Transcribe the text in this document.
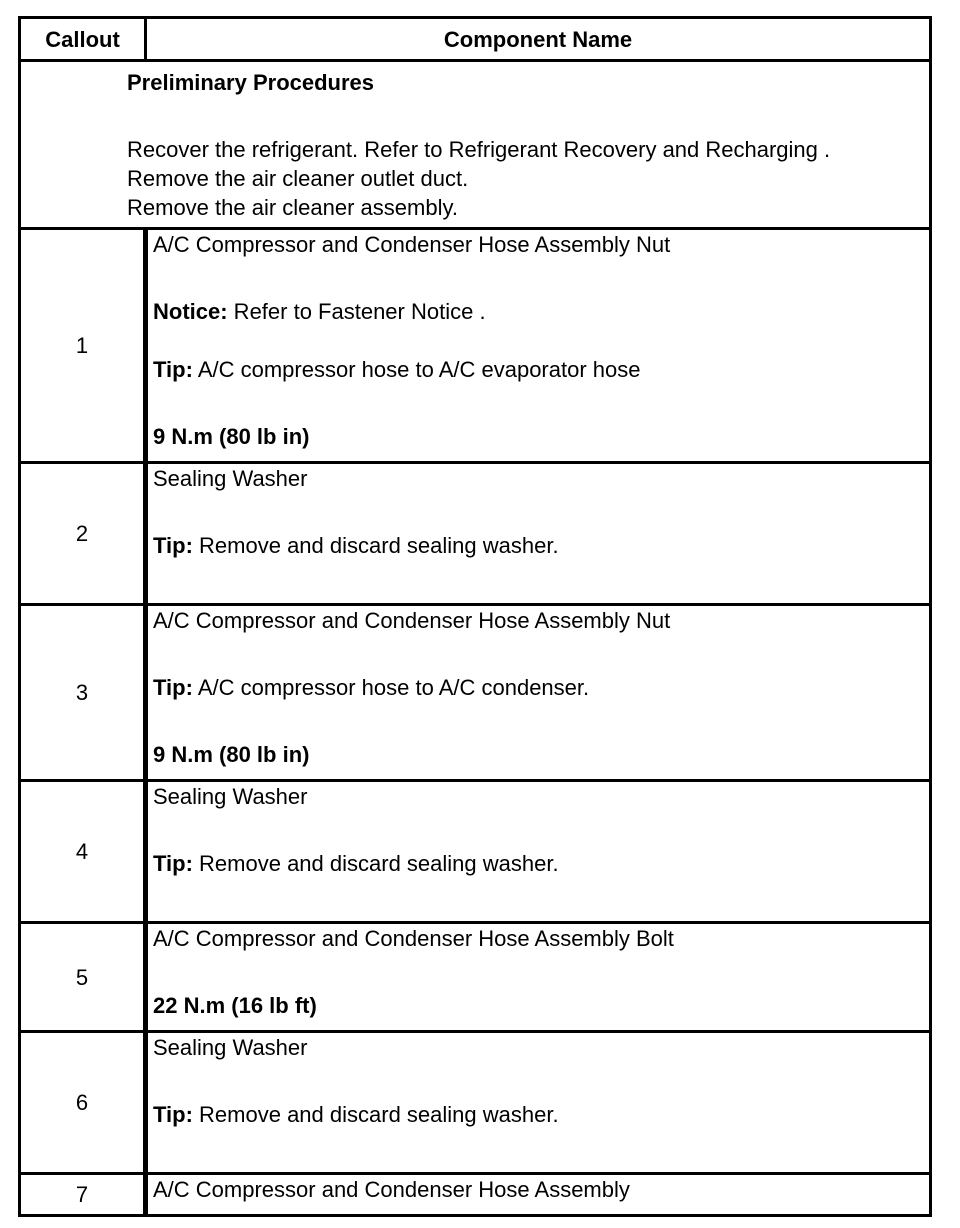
Callout	Component Name

Preliminary Procedures
Recover the refrigerant. Refer to Refrigerant Recovery and Recharging .
Remove the air cleaner outlet duct.
Remove the air cleaner assembly.	

1	A/C Compressor and Condenser Hose Assembly Nut
Notice: Refer to Fastener Notice .
Tip: A/C compressor hose to A/C evaporator hose
9 N.m (80 lb in)

2	Sealing Washer
Tip: Remove and discard sealing washer.

3	A/C Compressor and Condenser Hose Assembly Nut
Tip: A/C compressor hose to A/C condenser.
9 N.m (80 lb in)

4	Sealing Washer
Tip: Remove and discard sealing washer.

5	A/C Compressor and Condenser Hose Assembly Bolt
22 N.m (16 lb ft)

6	Sealing Washer
Tip: Remove and discard sealing washer.

7	A/C Compressor and Condenser Hose Assembly
